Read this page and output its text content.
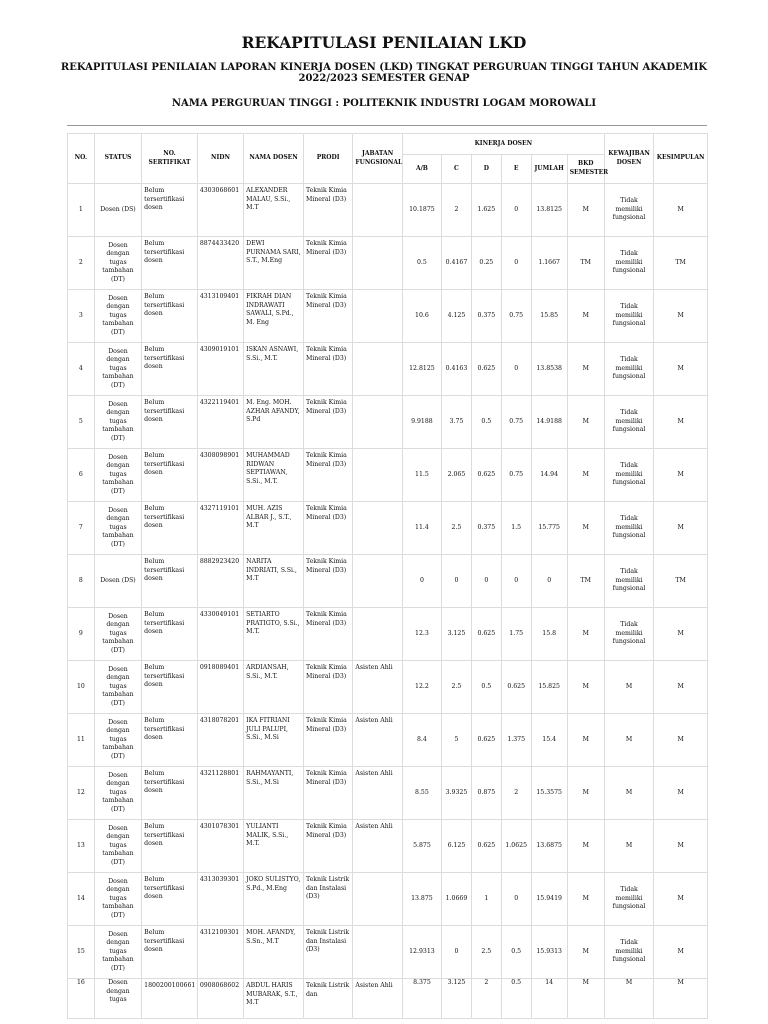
REKAPITULASI PENILAIAN LKD
REKAPITULASI PENILAIAN LAPORAN KINERJA DOSEN (LKD) TINGKAT PERGURUAN TINGGI TAHUN AKADEMIK 2022/2023 SEMESTER GENAP
NAMA PERGURUAN TINGGI : POLITEKNIK INDUSTRI LOGAM MOROWALI
NO.	STATUS	NO. SERTIFIKAT	NIDN	NAMA DOSEN	PRODI	JABATAN FUNGSIONAL	KINERJA DOSEN						KEWAJIBAN DOSEN	KESIMPULAN
							A/B	C	D	E	JUMLAH	BKD SEMESTER		
1	Dosen (DS)	Belum tersertifikasi dosen	4303068601	ALEXANDER MALAU, S.Si., M.T	Teknik Kimia Mineral (D3)		10.1875	2	1.625	0	13.8125	M	Tidak memiliki fungsional	M
2	Dosen dengan tugas tambahan (DT)	Belum tersertifikasi dosen	8874433420	DEWI PURNAMA SARI, S.T., M.Eng	Teknik Kimia Mineral (D3)		0.5	0.4167	0.25	0	1.1667	TM	Tidak memiliki fungsional	TM
3	Dosen dengan tugas tambahan (DT)	Belum tersertifikasi dosen	4313109401	FIKRAH DIAN INDRAWATI SAWALI, S.Pd., M. Eng	Teknik Kimia Mineral (D3)		10.6	4.125	0.375	0.75	15.85	M	Tidak memiliki fungsional	M
4	Dosen dengan tugas tambahan (DT)	Belum tersertifikasi dosen	4309019101	ISKAN ASNAWI, S.Si., M.T.	Teknik Kimia Mineral (D3)		12.8125	0.4163	0.625	0	13.8538	M	Tidak memiliki fungsional	M
5	Dosen dengan tugas tambahan (DT)	Belum tersertifikasi dosen	4322119401	M. Eng. MOH. AZHAR AFANDY, S.Pd	Teknik Kimia Mineral (D3)		9.9188	3.75	0.5	0.75	14.9188	M	Tidak memiliki fungsional	M
6	Dosen dengan tugas tambahan (DT)	Belum tersertifikasi dosen	4308098901	MUHAMMAD RIDWAN SEPTIAWAN, S.Si., M.T.	Teknik Kimia Mineral (D3)		11.5	2.065	0.625	0.75	14.94	M	Tidak memiliki fungsional	M
7	Dosen dengan tugas tambahan (DT)	Belum tersertifikasi dosen	4327119101	MUH. AZIS ALBAR J., S.T., M.T	Teknik Kimia Mineral (D3)		11.4	2.5	0.375	1.5	15.775	M	Tidak memiliki fungsional	M
8	Dosen (DS)	Belum tersertifikasi dosen	8882923420	NARITA INDRIATI, S.Si., M.T	Teknik Kimia Mineral (D3)		0	0	0	0	0	TM	Tidak memiliki fungsional	TM
9	Dosen dengan tugas tambahan (DT)	Belum tersertifikasi dosen	4330049101	SETIARTO PRATIGTO, S.Si., M.T.	Teknik Kimia Mineral (D3)		12.3	3.125	0.625	1.75	15.8	M	Tidak memiliki fungsional	M
10	Dosen dengan tugas tambahan (DT)	Belum tersertifikasi dosen	0918089401	ARDIANSAH, S.Si., M.T.	Teknik Kimia Mineral (D3)	Asisten Ahli	12.2	2.5	0.5	0.625	15.825	M	M	M
11	Dosen dengan tugas tambahan (DT)	Belum tersertifikasi dosen	4318078201	IKA FITRIANI JULI PALUPI, S.Si., M.Si	Teknik Kimia Mineral (D3)	Asisten Ahli	8.4	5	0.625	1.375	15.4	M	M	M
12	Dosen dengan tugas tambahan (DT)	Belum tersertifikasi dosen	4321128801	RAHMAYANTI, S.Si., M.Si	Teknik Kimia Mineral (D3)	Asisten Ahli	8.55	3.9325	0.875	2	15.3575	M	M	M
13	Dosen dengan tugas tambahan (DT)	Belum tersertifikasi dosen	4301078301	YULIANTI MALIK, S.Si., M.T.	Teknik Kimia Mineral (D3)	Asisten Ahli	5.875	6.125	0.625	1.0625	13.6875	M	M	M
14	Dosen dengan tugas tambahan (DT)	Belum tersertifikasi dosen	4313039301	JOKO SULISTYO, S.Pd., M.Eng	Teknik Listrik dan Instalasi (D3)		13.875	1.0669	1	0	15.9419	M	Tidak memiliki fungsional	M
15	Dosen dengan tugas tambahan (DT)	Belum tersertifikasi dosen	4312109301	MOH. AFANDY, S.Sn., M.T	Teknik Listrik dan Instalasi (D3)		12.9313	0	2.5	0.5	15.9313	M	Tidak memiliki fungsional	M
16	Dosen dengan tugas	1800200100661	0908068602	ABDUL HARIS MUBARAK, S.T., M.T	Teknik Listrik dan	Asisten Ahli	8.375	3.125	2	0.5	14	M	M	M
